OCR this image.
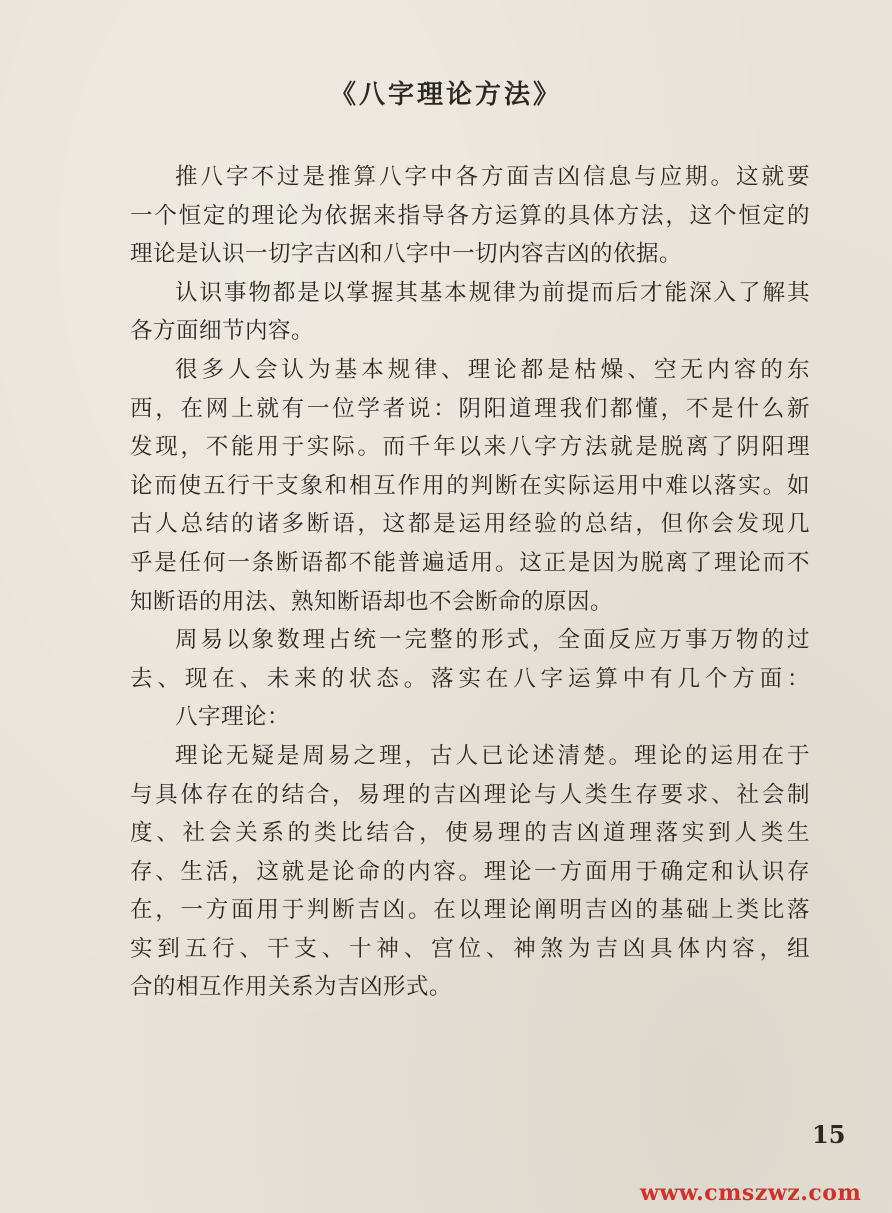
《八字理论方法》
推八字不过是推算八字中各方面吉凶信息与应期。这就要
一个恒定的理论为依据来指导各方运算的具体方法，这个恒定的
理论是认识一切字吉凶和八字中一切内容吉凶的依据。
认识事物都是以掌握其基本规律为前提而后才能深入了解其
各方面细节内容。
很多人会认为基本规律、理论都是枯燥、空无内容的东
西，在网上就有一位学者说：阴阳道理我们都懂，不是什么新
发现，不能用于实际。而千年以来八字方法就是脱离了阴阳理
论而使五行干支象和相互作用的判断在实际运用中难以落实。如
古人总结的诸多断语，这都是运用经验的总结，但你会发现几
乎是任何一条断语都不能普遍适用。这正是因为脱离了理论而不
知断语的用法、熟知断语却也不会断命的原因。
周易以象数理占统一完整的形式，全面反应万事万物的过
去、现在、未来的状态。落实在八字运算中有几个方面：
八字理论：
理论无疑是周易之理，古人已论述清楚。理论的运用在于
与具体存在的结合，易理的吉凶理论与人类生存要求、社会制
度、社会关系的类比结合，使易理的吉凶道理落实到人类生
存、生活，这就是论命的内容。理论一方面用于确定和认识存
在，一方面用于判断吉凶。在以理论阐明吉凶的基础上类比落
实到五行、干支、十神、宫位、神煞为吉凶具体内容，组
合的相互作用关系为吉凶形式。
15
www.cmszwz.com
